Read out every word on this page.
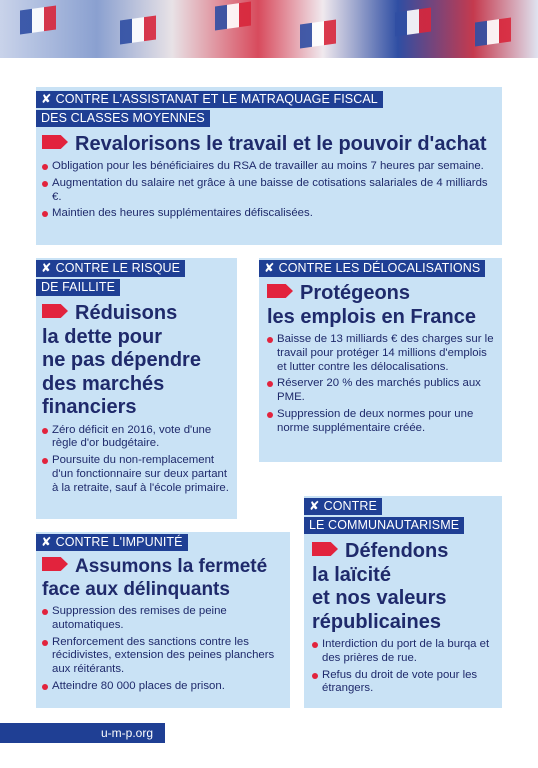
✘ CONTRE L'ASSISTANAT ET LE MATRAQUAGE FISCAL
DES CLASSES MOYENNES
Revalorisons le travail et le pouvoir d'achat
Obligation pour les bénéficiaires du RSA de travailler au moins 7 heures par semaine.
Augmentation du salaire net grâce à une baisse de cotisations salariales de 4 milliards €.
Maintien des heures supplémentaires défiscalisées.
✘ CONTRE LE RISQUE
DE FAILLITE
Réduisons
la dette pour
ne pas dépendre
des marchés
financiers
Zéro déficit en 2016, vote d'une règle d'or budgétaire.
Poursuite du non-remplacement d'un fonctionnaire sur deux partant à la retraite, sauf à l'école primaire.
✘ CONTRE LES DÉLOCALISATIONS
Protégeons
les emplois en France
Baisse de 13 milliards € des charges sur le travail pour protéger 14 millions d'emplois et lutter contre les délocalisations.
Réserver 20 % des marchés publics aux PME.
Suppression de deux normes pour une norme supplémentaire créée.
✘ CONTRE L'IMPUNITÉ
Assumons la fermeté
face aux délinquants
Suppression des remises de peine automatiques.
Renforcement des sanctions contre les récidivistes, extension des peines planchers aux réitérants.
Atteindre 80 000 places de prison.
✘ CONTRE
LE COMMUNAUTARISME
Défendons
la laïcité
et nos valeurs
républicaines
Interdiction du port de la burqa et des prières de rue.
Refus du droit de vote pour les étrangers.
u-m-p.org
